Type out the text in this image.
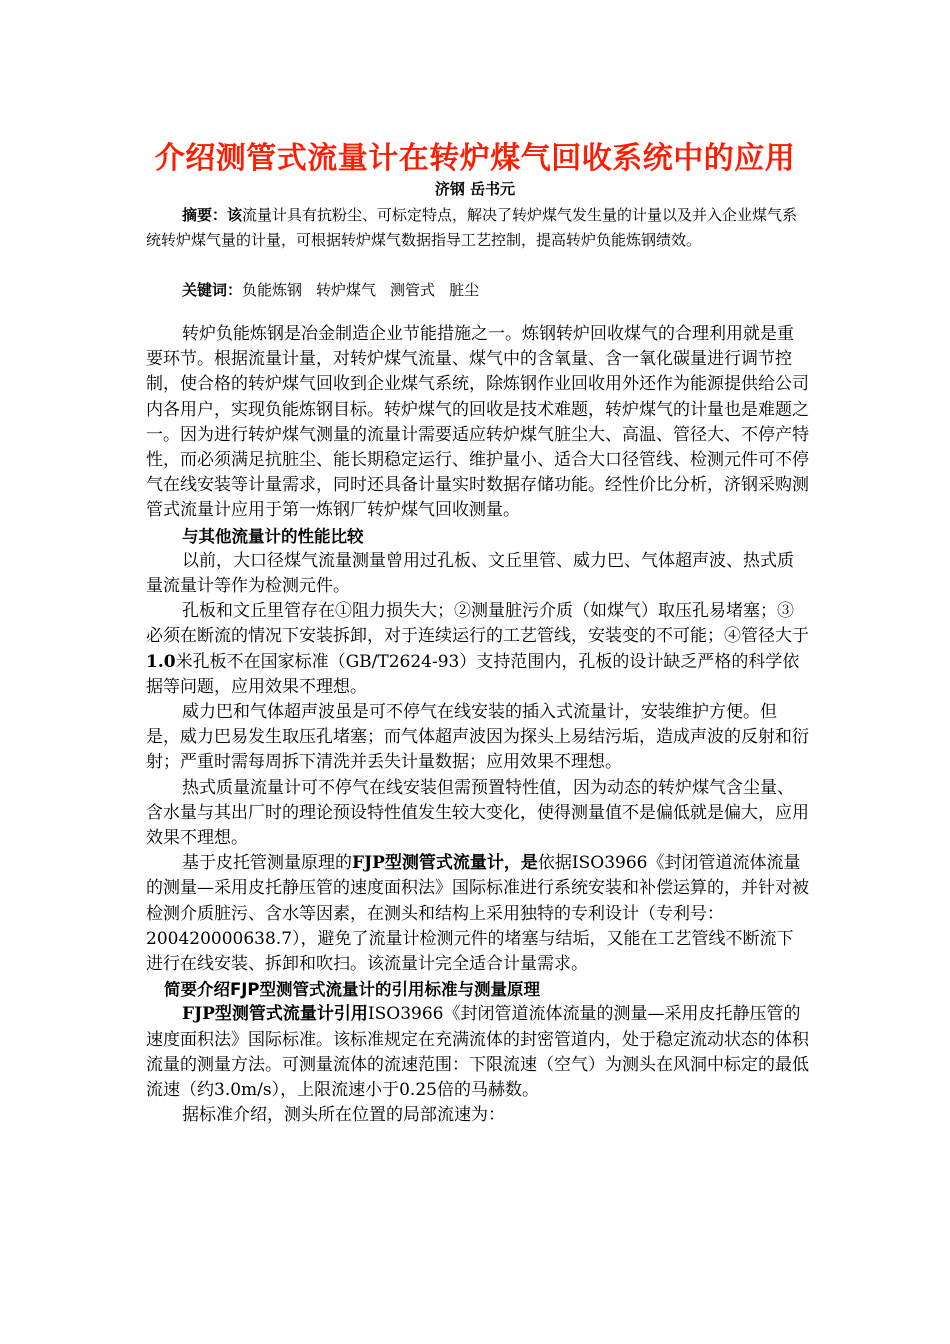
介绍测管式流量计在转炉煤气回收系统中的应用
济钢 岳书元
摘要：该流量计具有抗粉尘、可标定特点，解决了转炉煤气发生量的计量以及并入企业煤气系统转炉煤气量的计量，可根据转炉煤气数据指导工艺控制，提高转炉负能炼钢绩效。
关键词：负能炼钢 转炉煤气 测管式 脏尘
转炉负能炼钢是冶金制造企业节能措施之一。炼钢转炉回收煤气的合理利用就是重要环节。根据流量计量，对转炉煤气流量、煤气中的含氧量、含一氧化碳量进行调节控制，使合格的转炉煤气回收到企业煤气系统，除炼钢作业回收用外还作为能源提供给公司内各用户，实现负能炼钢目标。转炉煤气的回收是技术难题，转炉煤气的计量也是难题之一。因为进行转炉煤气测量的流量计需要适应转炉煤气脏尘大、高温、管径大、不停产特性，而必须满足抗脏尘、能长期稳定运行、维护量小、适合大口径管线、检测元件可不停气在线安装等计量需求，同时还具备计量实时数据存储功能。经性价比分析，济钢采购测管式流量计应用于第一炼钢厂转炉煤气回收测量。
与其他流量计的性能比较
以前，大口径煤气流量测量曾用过孔板、文丘里管、威力巴、气体超声波、热式质量流量计等作为检测元件。
孔板和文丘里管存在①阻力损失大；②测量脏污介质（如煤气）取压孔易堵塞；③必须在断流的情况下安装拆卸，对于连续运行的工艺管线，安装变的不可能；④管径大于1.0米孔板不在国家标准（GB/T2624-93）支持范围内，孔板的设计缺乏严格的科学依据等问题，应用效果不理想。
威力巴和气体超声波虽是可不停气在线安装的插入式流量计，安装维护方便。但是，威力巴易发生取压孔堵塞；而气体超声波因为探头上易结污垢，造成声波的反射和衍射；严重时需每周拆下清洗并丢失计量数据；应用效果不理想。
热式质量流量计可不停气在线安装但需预置特性值，因为动态的转炉煤气含尘量、含水量与其出厂时的理论预设特性值发生较大变化，使得测量值不是偏低就是偏大，应用效果不理想。
基于皮托管测量原理的FJP型测管式流量计，是依据ISO3966《封闭管道流体流量的测量—采用皮托静压管的速度面积法》国际标准进行系统安装和补偿运算的，并针对被检测介质脏污、含水等因素，在测头和结构上采用独特的专利设计（专利号：200420000638.7），避免了流量计检测元件的堵塞与结垢，又能在工艺管线不断流下进行在线安装、拆卸和吹扫。该流量计完全适合计量需求。
简要介绍FJP型测管式流量计的引用标准与测量原理
FJP型测管式流量计引用ISO3966《封闭管道流体流量的测量—采用皮托静压管的速度面积法》国际标准。该标准规定在充满流体的封密管道内，处于稳定流动状态的体积流量的测量方法。可测量流体的流速范围：下限流速（空气）为测头在风洞中标定的最低流速（约3.0m/s），上限流速小于0.25倍的马赫数。
据标准介绍，测头所在位置的局部流速为：
